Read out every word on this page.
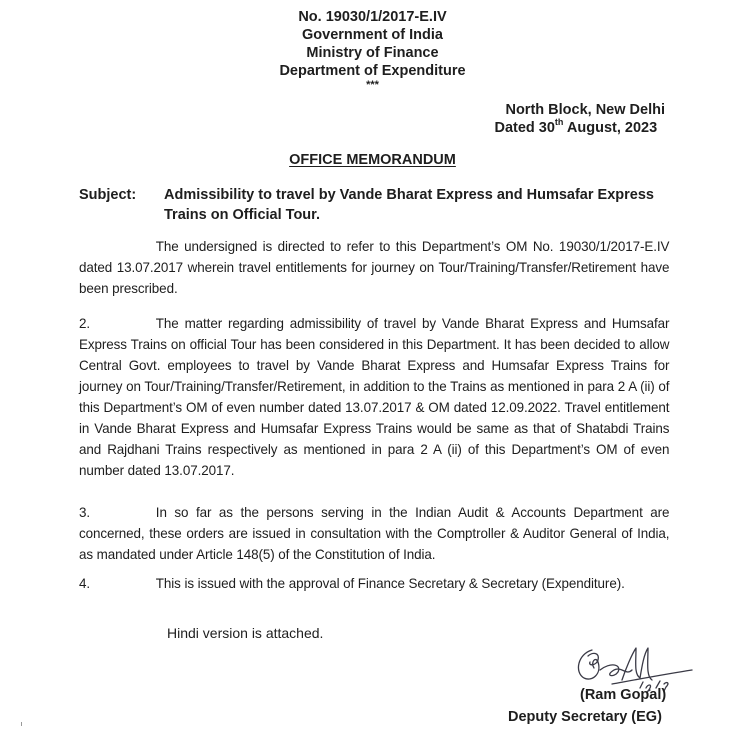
No. 19030/1/2017-E.IV
Government of India
Ministry of Finance
Department of Expenditure
***
North Block, New Delhi
Dated 30th August, 2023
OFFICE MEMORANDUM
Subject: Admissibility to travel by Vande Bharat Express and Humsafar Express Trains on Official Tour.
The undersigned is directed to refer to this Department’s OM No. 19030/1/2017-E.IV dated 13.07.2017 wherein travel entitlements for journey on Tour/Training/Transfer/Retirement have been prescribed.
2.	The matter regarding admissibility of travel by Vande Bharat Express and Humsafar Express Trains on official Tour has been considered in this Department. It has been decided to allow Central Govt. employees to travel by Vande Bharat Express and Humsafar Express Trains for journey on Tour/Training/Transfer/Retirement, in addition to the Trains as mentioned in para 2 A (ii) of this Department’s OM of even number dated 13.07.2017 & OM dated 12.09.2022. Travel entitlement in Vande Bharat Express and Humsafar Express Trains would be same as that of Shatabdi Trains and Rajdhani Trains respectively as mentioned in para 2 A (ii) of this Department’s OM of even number dated 13.07.2017.
3.	In so far as the persons serving in the Indian Audit & Accounts Department are concerned, these orders are issued in consultation with the Comptroller & Auditor General of India, as mandated under Article 148(5) of the Constitution of India.
4.	This is issued with the approval of Finance Secretary & Secretary (Expenditure).
Hindi version is attached.
(Ram Gopal)
Deputy Secretary (EG)
